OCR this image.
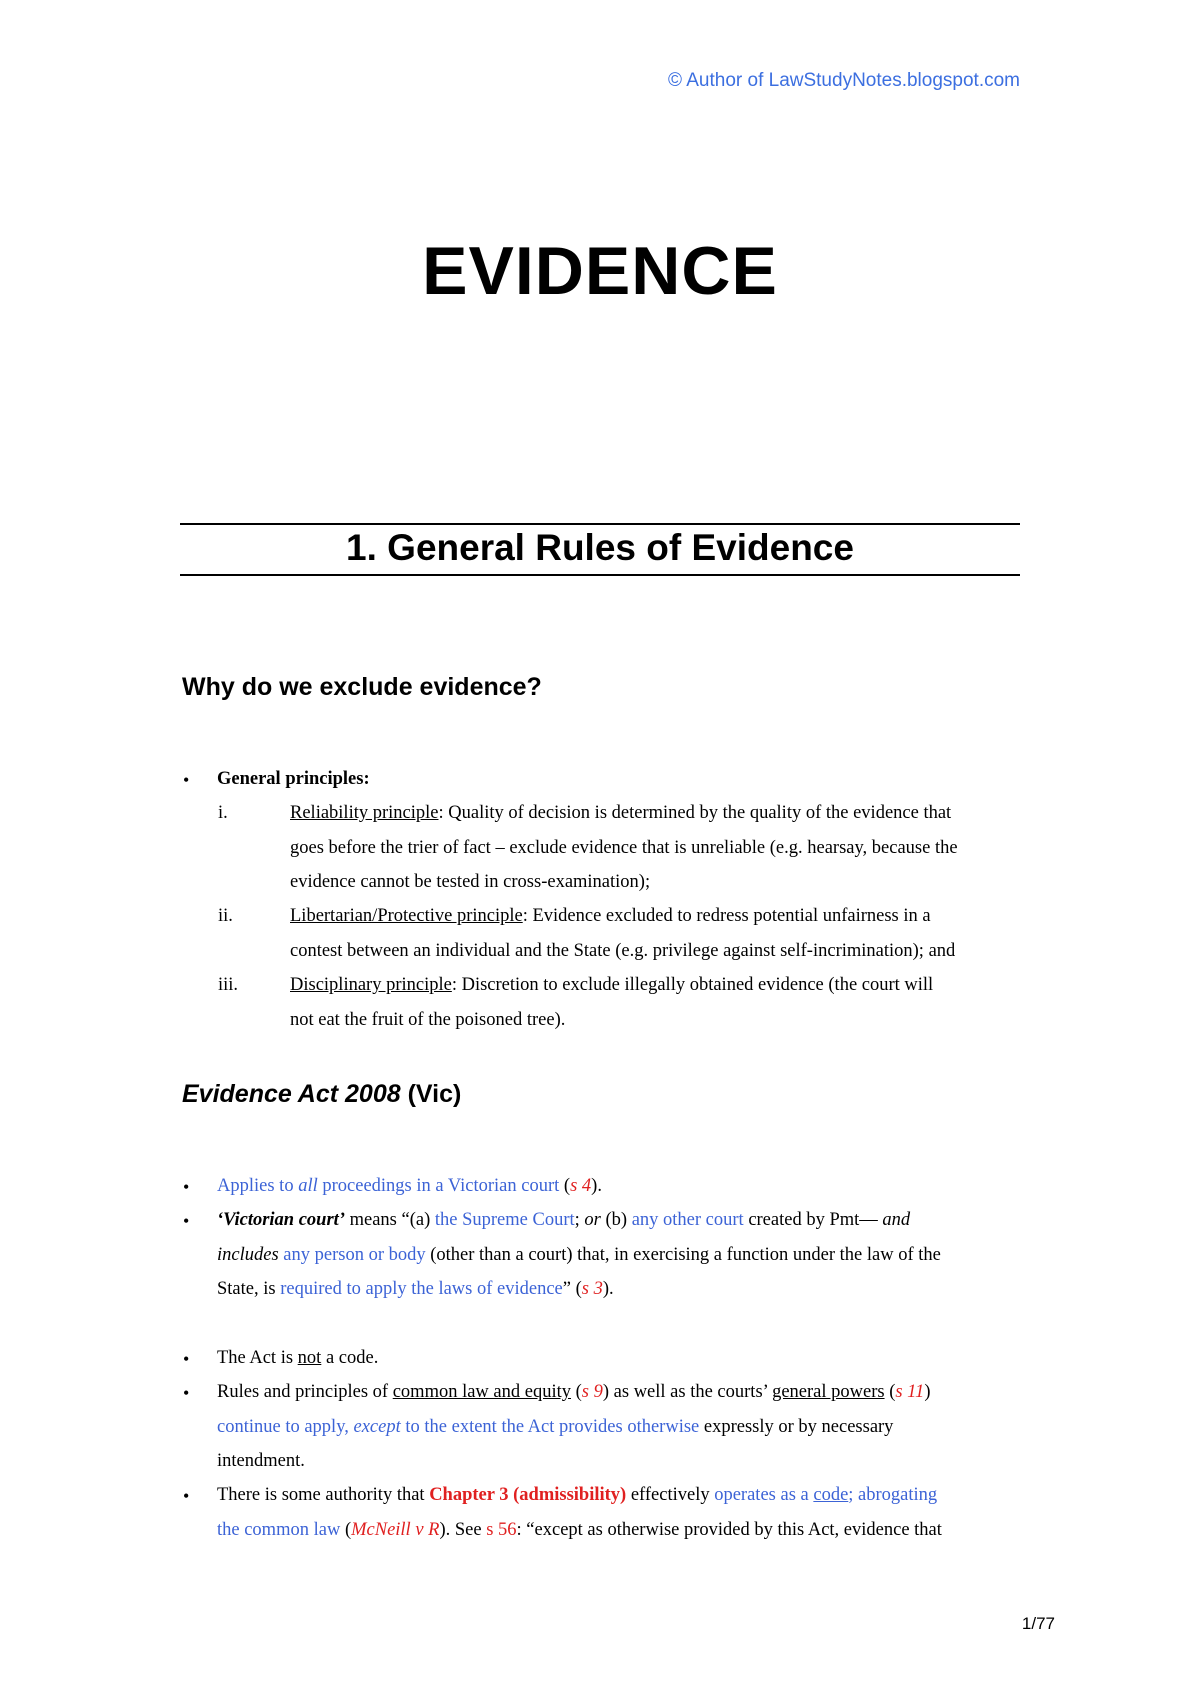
© Author of LawStudyNotes.blogspot.com
EVIDENCE
1. General Rules of Evidence
Why do we exclude evidence?
• General principles:
i.	Reliability principle: Quality of decision is determined by the quality of the evidence that
goes before the trier of fact – exclude evidence that is unreliable (e.g. hearsay, because the
evidence cannot be tested in cross-examination);
ii.	Libertarian/Protective principle: Evidence excluded to redress potential unfairness in a
contest between an individual and the State (e.g. privilege against self-incrimination); and
iii.	Disciplinary principle: Discretion to exclude illegally obtained evidence (the court will
not eat the fruit of the poisoned tree).
Evidence Act 2008 (Vic)
• Applies to all proceedings in a Victorian court (s 4).
• ‘Victorian court’ means “(a) the Supreme Court; or (b) any other court created by Pmt— and
includes any person or body (other than a court) that, in exercising a function under the law of the
State, is required to apply the laws of evidence” (s 3).
• The Act is not a code.
• Rules and principles of common law and equity (s 9) as well as the courts’ general powers (s 11)
continue to apply, except to the extent the Act provides otherwise expressly or by necessary
intendment.
• There is some authority that Chapter 3 (admissibility) effectively operates as a code; abrogating
the common law (McNeill v R). See s 56: “except as otherwise provided by this Act, evidence that
1/77
